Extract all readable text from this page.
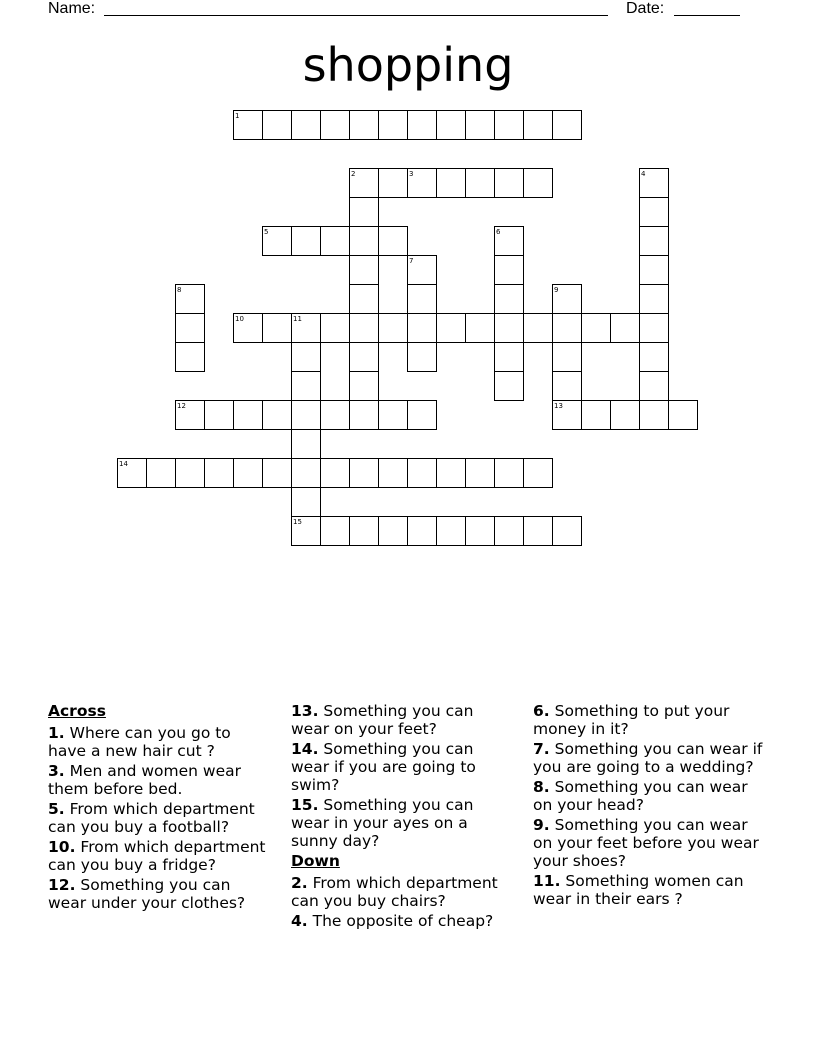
Name:	Date:
shopping
1
2	3	4
5	6
7
8	9
10	11
12	13
14
15
Across
1. Where can you go to have a new hair cut ?
3. Men and women wear them before bed.
5. From which department can you buy a football?
10. From which department can you buy a fridge?
12. Something you can wear under your clothes?
13. Something you can wear on your feet?
14. Something you can wear if you are going to swim?
15. Something you can wear in your ayes on a sunny day?
Down
2. From which department can you buy chairs?
4. The opposite of cheap?
6. Something to put your money in it?
7. Something you can wear if you are going to a wedding?
8. Something you can wear on your head?
9. Something you can wear on your feet before you wear your shoes?
11. Something women can wear in their ears ?
